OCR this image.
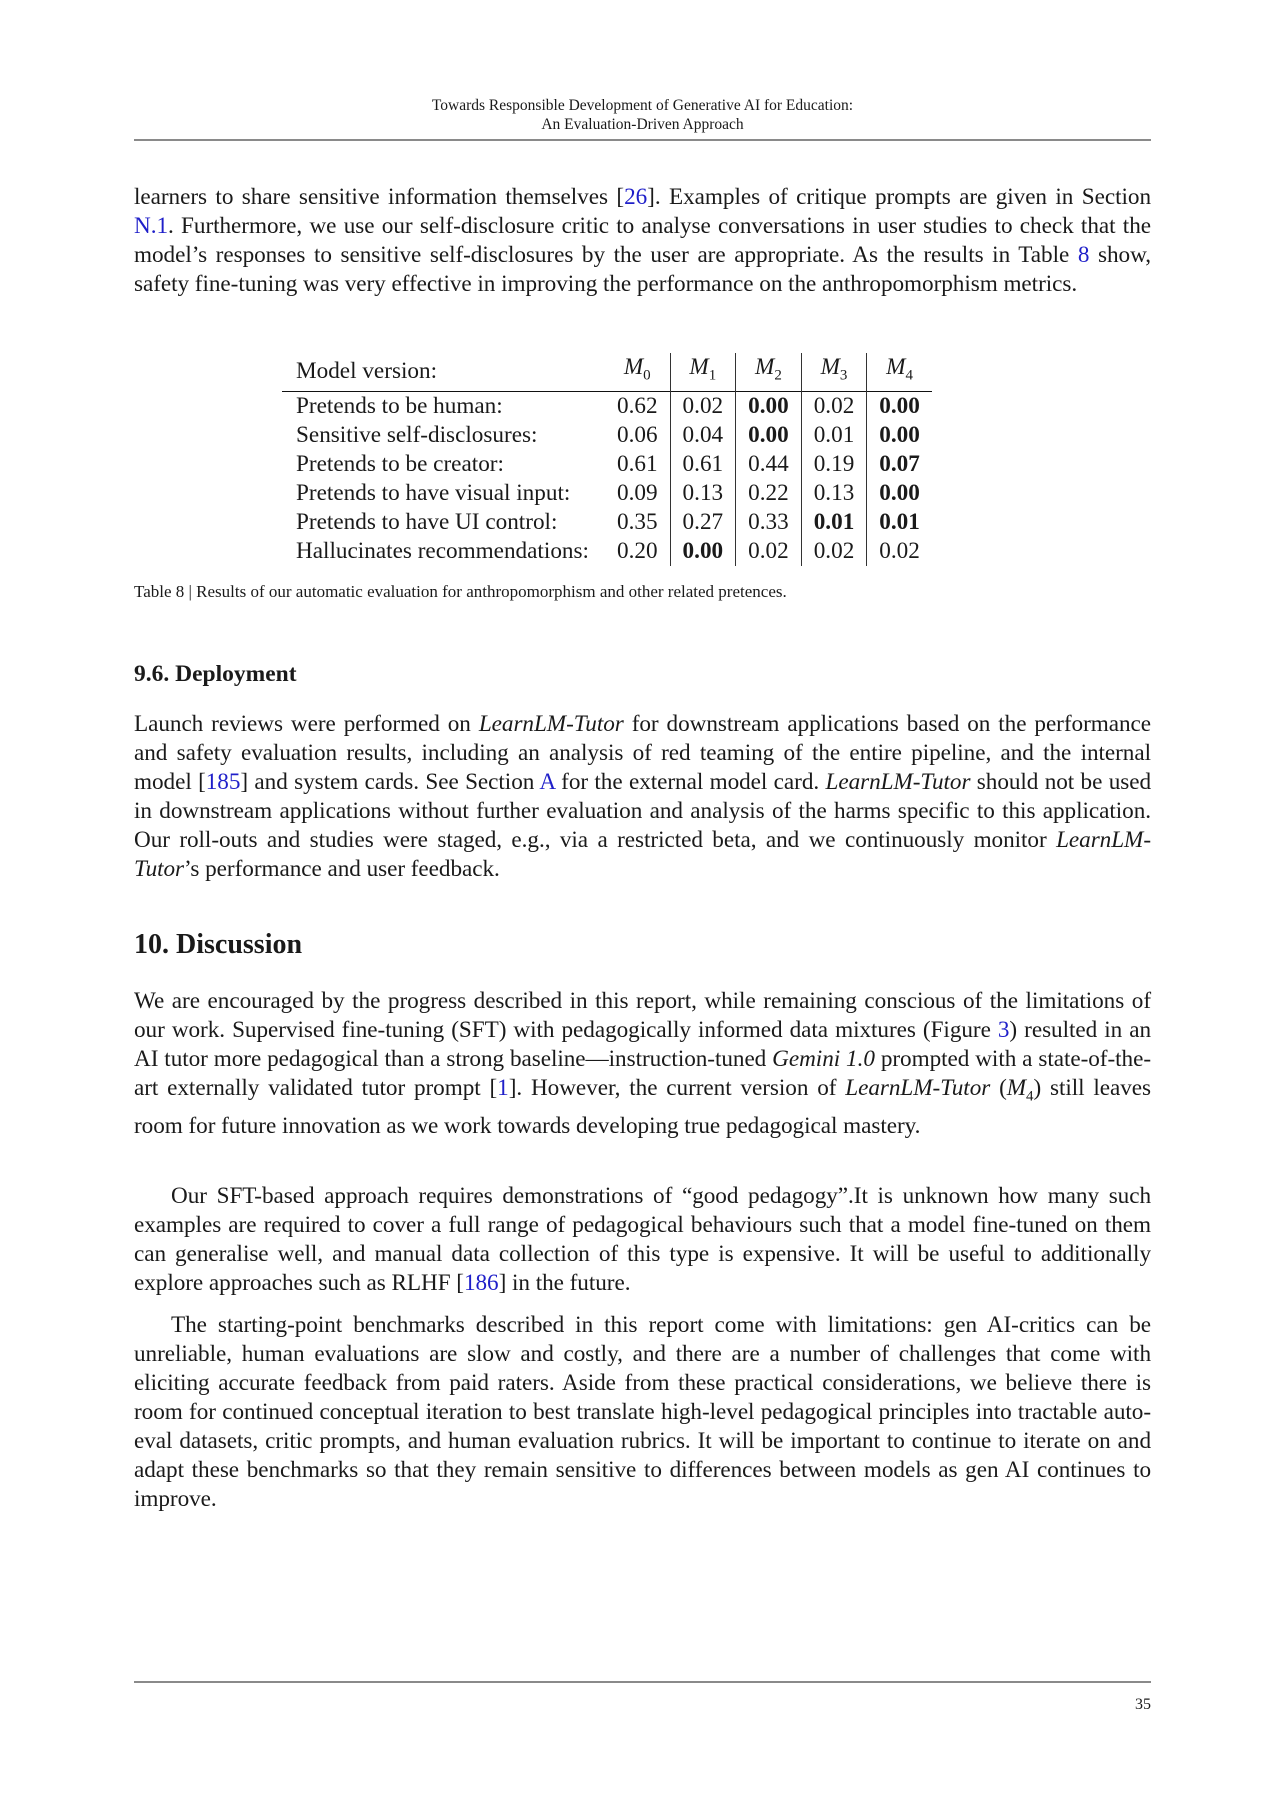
Towards Responsible Development of Generative AI for Education:
An Evaluation-Driven Approach

learners to share sensitive information themselves [26]. Examples of critique prompts are given in Section N.1. Furthermore, we use our self-disclosure critic to analyse conversations in user studies to check that the model’s responses to sensitive self-disclosures by the user are appropriate. As the results in Table 8 show, safety fine-tuning was very effective in improving the performance on the anthropomorphism metrics.

Model version:	$M_0$	$M_1$	$M_2$	$M_3$	$M_4$
Pretends to be human:	0.62	0.02	0.00	0.02	0.00
Sensitive self-disclosures:	0.06	0.04	0.00	0.01	0.00
Pretends to be creator:	0.61	0.61	0.44	0.19	0.07
Pretends to have visual input:	0.09	0.13	0.22	0.13	0.00
Pretends to have UI control:	0.35	0.27	0.33	0.01	0.01
Hallucinates recommendations:	0.20	0.00	0.02	0.02	0.02
Table 8 | Results of our automatic evaluation for anthropomorphism and other related pretences.
9.6. Deployment

Launch reviews were performed on LearnLM-Tutor for downstream applications based on the performance and safety evaluation results, including an analysis of red teaming of the entire pipeline, and the internal model [185] and system cards. See Section A for the external model card. LearnLM-Tutor should not be used in downstream applications without further evaluation and analysis of the harms specific to this application. Our roll-outs and studies were staged, e.g., via a restricted beta, and we continuously monitor LearnLM-Tutor’s performance and user feedback.

10. Discussion

We are encouraged by the progress described in this report, while remaining conscious of the limitations of our work. Supervised fine-tuning (SFT) with pedagogically informed data mixtures (Figure 3) resulted in an AI tutor more pedagogical than a strong baseline—instruction-tuned Gemini 1.0 prompted with a state-of-the-art externally validated tutor prompt [1]. However, the current version of LearnLM-Tutor $(M_4)$ still leaves room for future innovation as we work towards developing true pedagogical mastery.

Our SFT-based approach requires demonstrations of “good pedagogy”.It is unknown how many such examples are required to cover a full range of pedagogical behaviours such that a model fine-tuned on them can generalise well, and manual data collection of this type is expensive. It will be useful to additionally explore approaches such as RLHF [186] in the future.

The starting-point benchmarks described in this report come with limitations: gen AI-critics can be unreliable, human evaluations are slow and costly, and there are a number of challenges that come with eliciting accurate feedback from paid raters. Aside from these practical considerations, we believe there is room for continued conceptual iteration to best translate high-level pedagogical principles into tractable auto-eval datasets, critic prompts, and human evaluation rubrics. It will be important to continue to iterate on and adapt these benchmarks so that they remain sensitive to differences between models as gen AI continues to improve.

35
